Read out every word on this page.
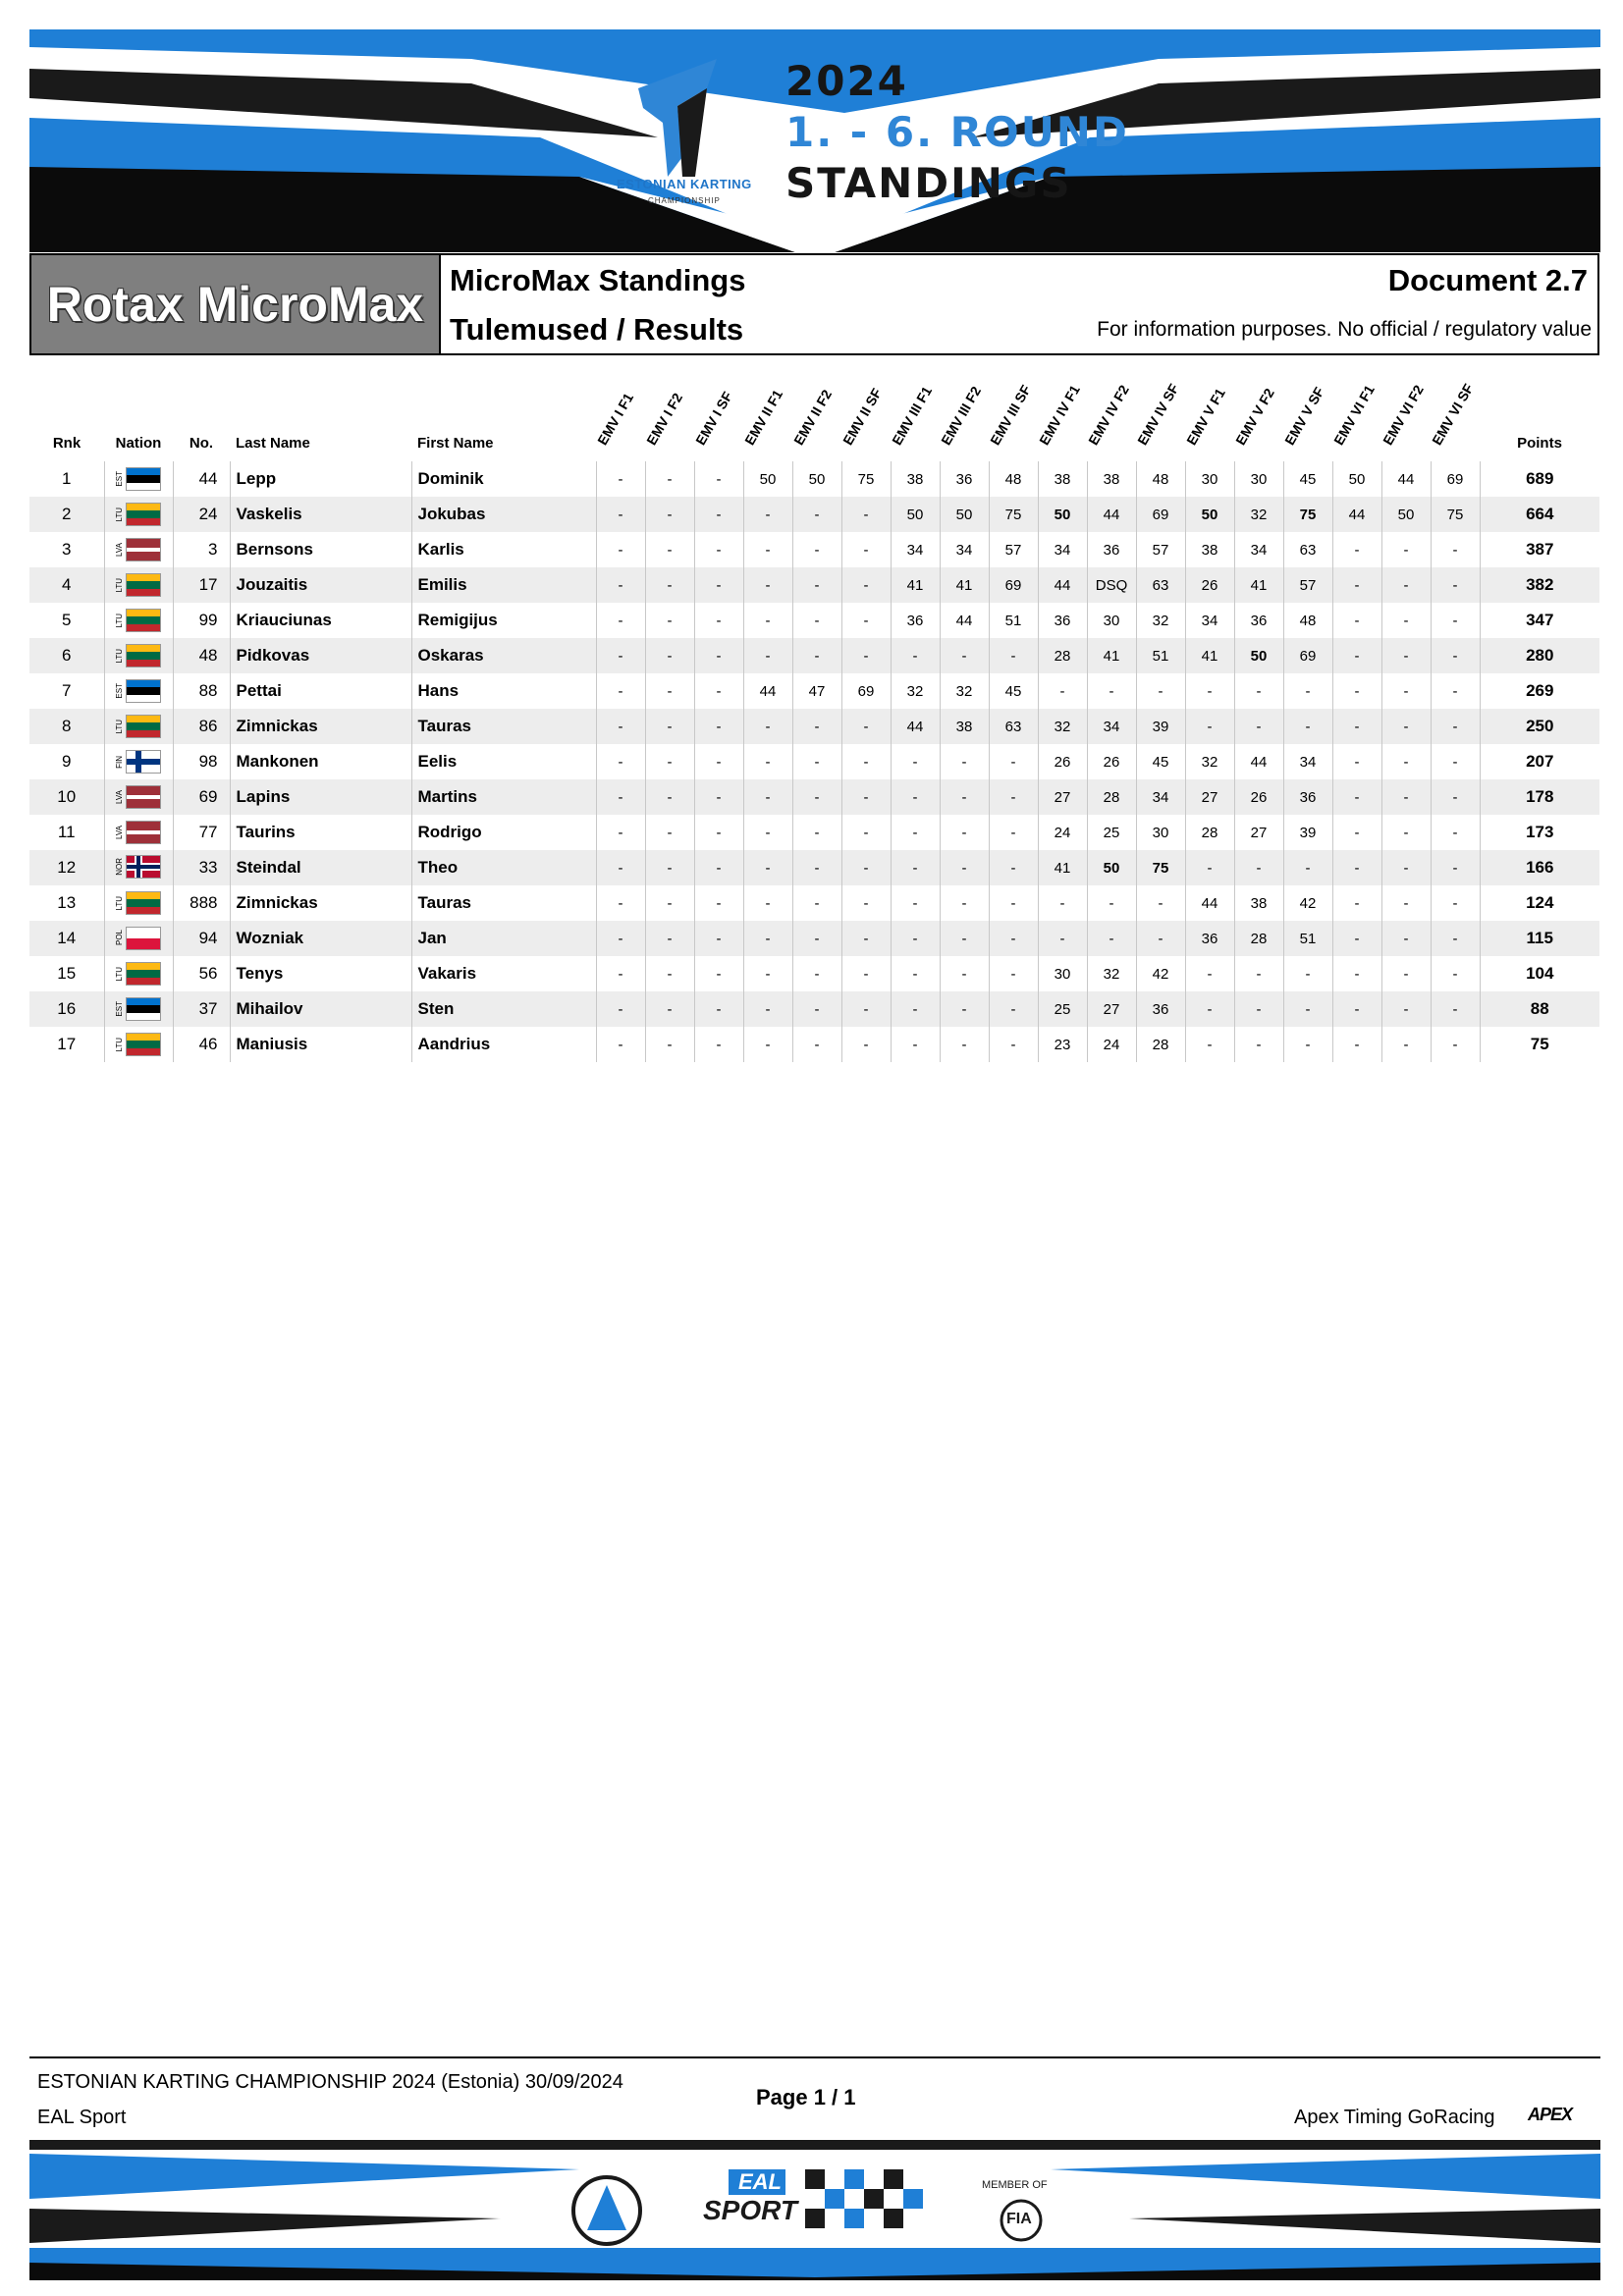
2024
1. - 6. ROUND
STANDINGS
ESTONIAN KARTING
CHAMPIONSHIP
Rotax MicroMax MicroMax Standings
Tulemused / Results
Document 2.7
For information purposes. No official / regulatory value
Rnk	Nation	No.	Last Name	First Name	EMV I F1	EMV I F2	EMV I SF	EMV II F1	EMV II F2	EMV II SF	EMV III F1	EMV III F2	EMV III SF	EMV IV F1	EMV IV F2	EMV IV SF	EMV V F1	EMV V F2	EMV V SF	EMV VI F1	EMV VI F2	EMV VI SF	Points
1	EST	44	Lepp	Dominik	-	-	-	50	50	75	38	36	48	38	38	48	30	30	45	50	44	69	689
2	LTU	24	Vaskelis	Jokubas	-	-	-	-	-	-	50	50	75	50	44	69	50	32	75	44	50	75	664
3	LVA	3	Bernsons	Karlis	-	-	-	-	-	-	34	34	57	34	36	57	38	34	63	-	-	-	387
4	LTU	17	Jouzaitis	Emilis	-	-	-	-	-	-	41	41	69	44	DSQ	63	26	41	57	-	-	-	382
5	LTU	99	Kriauciunas	Remigijus	-	-	-	-	-	-	36	44	51	36	30	32	34	36	48	-	-	-	347
6	LTU	48	Pidkovas	Oskaras	-	-	-	-	-	-	-	-	-	28	41	51	41	50	69	-	-	-	280
7	EST	88	Pettai	Hans	-	-	-	44	47	69	32	32	45	-	-	-	-	-	-	-	-	-	269
8	LTU	86	Zimnickas	Tauras	-	-	-	-	-	-	44	38	63	32	34	39	-	-	-	-	-	-	250
9	FIN	98	Mankonen	Eelis	-	-	-	-	-	-	-	-	-	26	26	45	32	44	34	-	-	-	207
10	LVA	69	Lapins	Martins	-	-	-	-	-	-	-	-	-	27	28	34	27	26	36	-	-	-	178
11	LVA	77	Taurins	Rodrigo	-	-	-	-	-	-	-	-	-	24	25	30	28	27	39	-	-	-	173
12	NOR	33	Steindal	Theo	-	-	-	-	-	-	-	-	-	41	50	75	-	-	-	-	-	-	166
13	LTU	888	Zimnickas	Tauras	-	-	-	-	-	-	-	-	-	-	-	-	44	38	42	-	-	-	124
14	POL	94	Wozniak	Jan	-	-	-	-	-	-	-	-	-	-	-	-	36	28	51	-	-	-	115
15	LTU	56	Tenys	Vakaris	-	-	-	-	-	-	-	-	-	30	32	42	-	-	-	-	-	-	104
16	EST	37	Mihailov	Sten	-	-	-	-	-	-	-	-	-	25	27	36	-	-	-	-	-	-	88
17	LTU	46	Maniusis	Aandrius	-	-	-	-	-	-	-	-	-	23	24	28	-	-	-	-	-	-	75
ESTONIAN KARTING CHAMPIONSHIP 2024 (Estonia) 30/09/2024
EAL Sport
Page 1 / 1
Apex Timing GoRacing APEX
EAL
SPORT
MEMBER OF
FIA
